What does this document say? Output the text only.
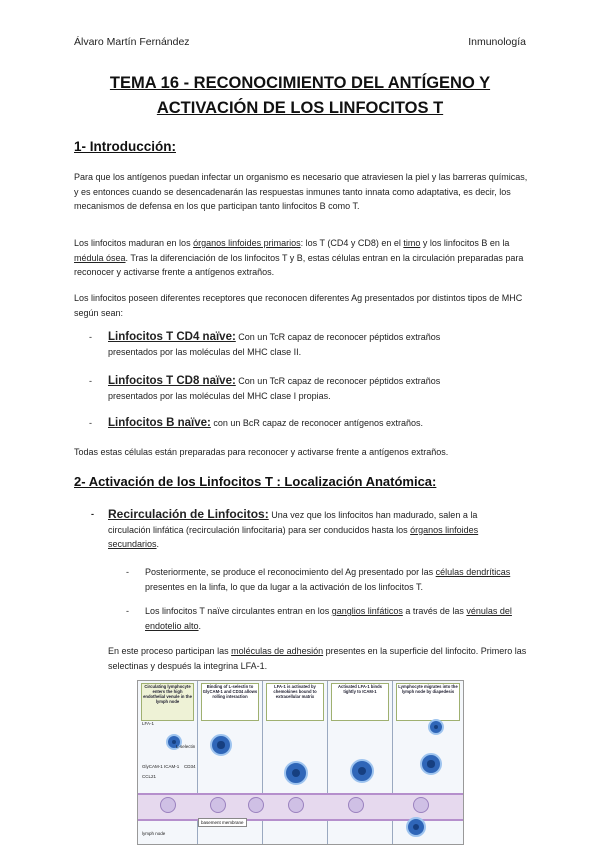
Álvaro Martín Fernández	Inmunología
TEMA 16 - RECONOCIMIENTO DEL ANTÍGENO Y
ACTIVACIÓN DE LOS LINFOCITOS T
1- Introducción:
Para que los antígenos puedan infectar un organismo es necesario que atraviesen la piel y las barreras químicas, y es entonces cuando se desencadenarán las respuestas inmunes tanto innata como adaptativa, es decir, los mecanismos de defensa en los que participan tanto linfocitos B como T.
Los linfocitos maduran en los órganos linfoides primarios: los T (CD4 y CD8) en el timo y los linfocitos B en la médula ósea. Tras la diferenciación de los linfocitos T y B, estas células entran en la circulación preparadas para reconocer y activarse frente a antígenos extraños.
Los linfocitos poseen diferentes receptores que reconocen diferentes Ag presentados por distintos tipos de MHC según sean:
- Linfocitos T CD4 naïve: Con un TcR capaz de reconocer péptidos extraños
presentados por las moléculas del MHC clase II.
- Linfocitos T CD8 naïve: Con un TcR capaz de reconocer péptidos extraños
presentados por las moléculas del MHC clase I propias.
- Linfocitos B naïve: con un BcR capaz de reconocer antígenos extraños.
Todas estas células están preparadas para reconocer y activarse frente a antígenos extraños.
2- Activación de los Linfocitos T : Localización Anatómica:
- Recirculación de Linfocitos: Una vez que los linfocitos han madurado, salen a la
circulación linfática (recirculación linfocitaria) para ser conducidos hasta los órganos linfoides secundarios.
- Posteriormente, se produce el reconocimiento del Ag presentado por las células dendríticas presentes en la linfa, lo que da lugar a la activación de los linfocitos T.
- Los linfocitos T naïve circulantes entran en los ganglios linfáticos a través de las vénulas del endotelio alto.
En este proceso participan las moléculas de adhesión presentes en la superficie del linfocito. Primero las selectinas y después la integrina LFA-1.
Circulating lymphocyte enters the high endothelial venule in the lymph node
Binding of L-selectin to GlyCAM-1 and CD34 allows rolling interaction
LFA-1 is activated by chemokines bound to extracellular matrix
Activated LFA-1 binds tightly to ICAM-1
Lymphocyte migrates into the lymph node by diapedesis
LFA-1
L-selectin
GlyCAM-1 ICAM-1 CD34
CCL21
basement membrane
lymph node
